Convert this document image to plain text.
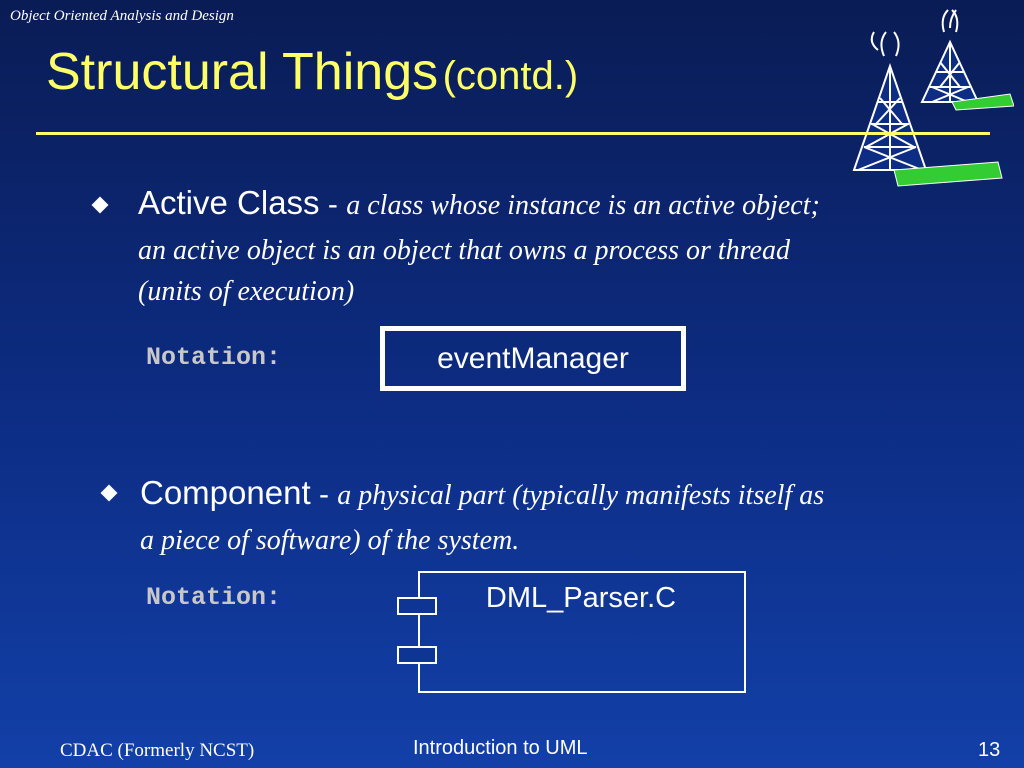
Object Oriented Analysis and Design
Structural Things (contd.)
Active Class - a class whose instance is an active object;
an active object is an object that owns a process or thread
(units of execution)
Notation:	eventManager
Component - a physical part (typically manifests itself as
a piece of software) of the system.
Notation:	DML_Parser.C
CDAC (Formerly NCST)	Introduction to UML	13
